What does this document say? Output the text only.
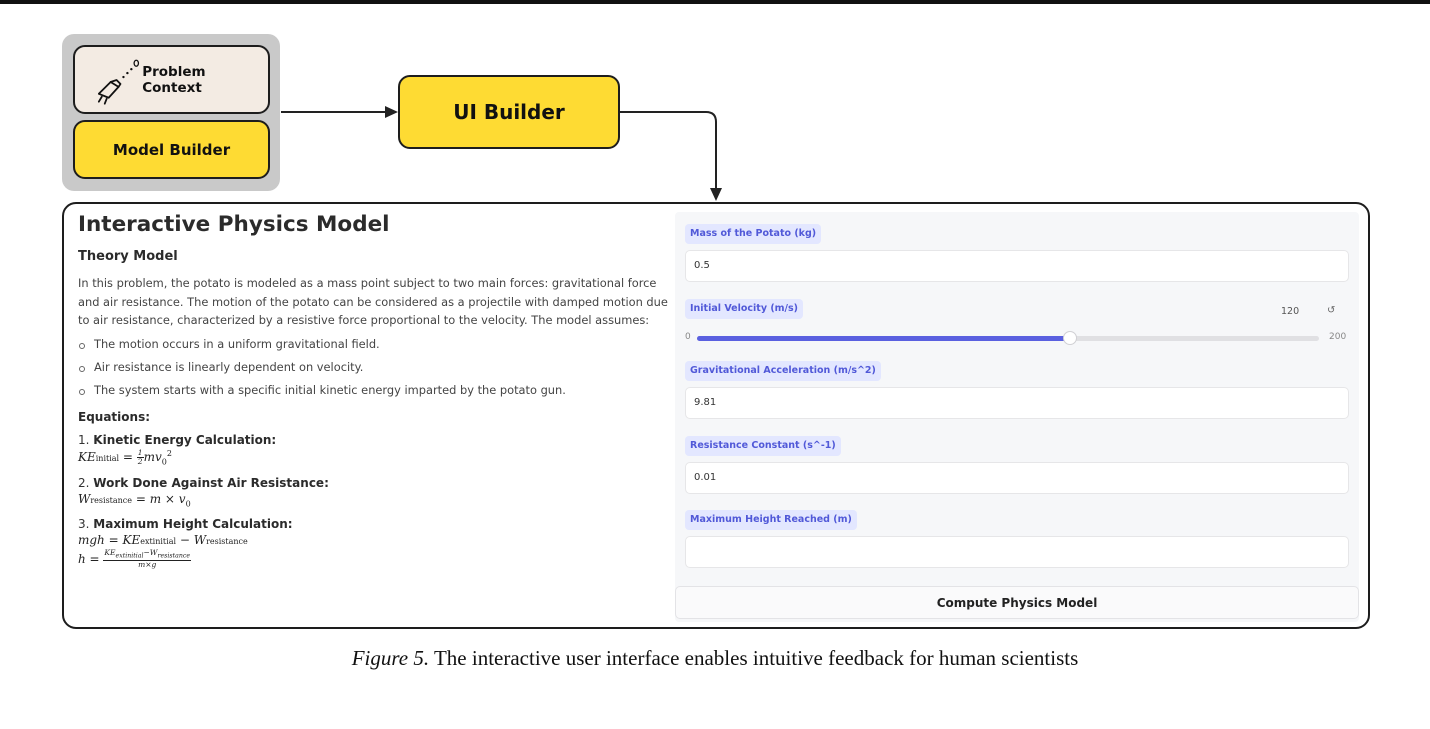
Problem Context
Model Builder
UI Builder
Interactive Physics Model
Theory Model

In this problem, the potato is modeled as a mass point subject to two main forces: gravitational force and air resistance. The motion of the potato can be considered as a projectile with damped motion due to air resistance, characterized by a resistive force proportional to the velocity. The model assumes:

The motion occurs in a uniform gravitational field.
Air resistance is linearly dependent on velocity.
The system starts with a specific initial kinetic energy imparted by the potato gun.
Equations:
1. Kinetic Energy Calculation:
KEinitial = $\frac{1}{2} mv_0^2$
2. Work Done Against Air Resistance:
Wresistance = $m \times v_0$
3. Maximum Height Calculation:
mgh = KEextinitial − Wresistance
$h = \frac{KE_{extinitial}-W_{resistance}}{m\times g}$
Mass of the Potato (kg)
0.5
Initial Velocity (m/s)	120	↺
0	200
Gravitational Acceleration (m/s^2)
9.81
Resistance Constant (s^-1)
0.01
Maximum Height Reached (m)
Compute Physics Model
Figure 5. The interactive user interface enables intuitive feedback for human scientists
